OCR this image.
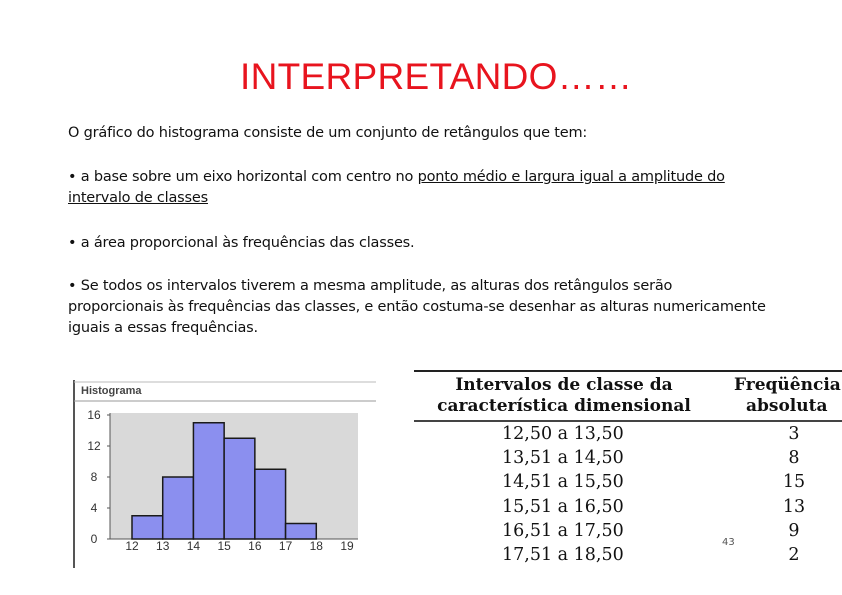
INTERPRETANDO……
O gráfico do histograma consiste de um conjunto de retângulos que tem:
• a base sobre um eixo horizontal com centro no ponto médio e largura igual a amplitude do
intervalo de classes
• a área proporcional às frequências das classes.
• Se todos os intervalos tiverem a mesma amplitude, as alturas dos retângulos serão proporcionais às frequências das classes, e então costuma-se desenhar as alturas numericamente iguais a essas frequências.
Histograma
16
12
8
4
0 12 13 14 15 16 17 18 19
Intervalos de classe da
característica dimensional
Freqüência
absoluta
12,50 a 13,50	3
13,51 a 14,50	8
14,51 a 15,50	15
15,51 a 16,50	13
16,51 a 17,50	9
17,51 a 18,50	2
43
